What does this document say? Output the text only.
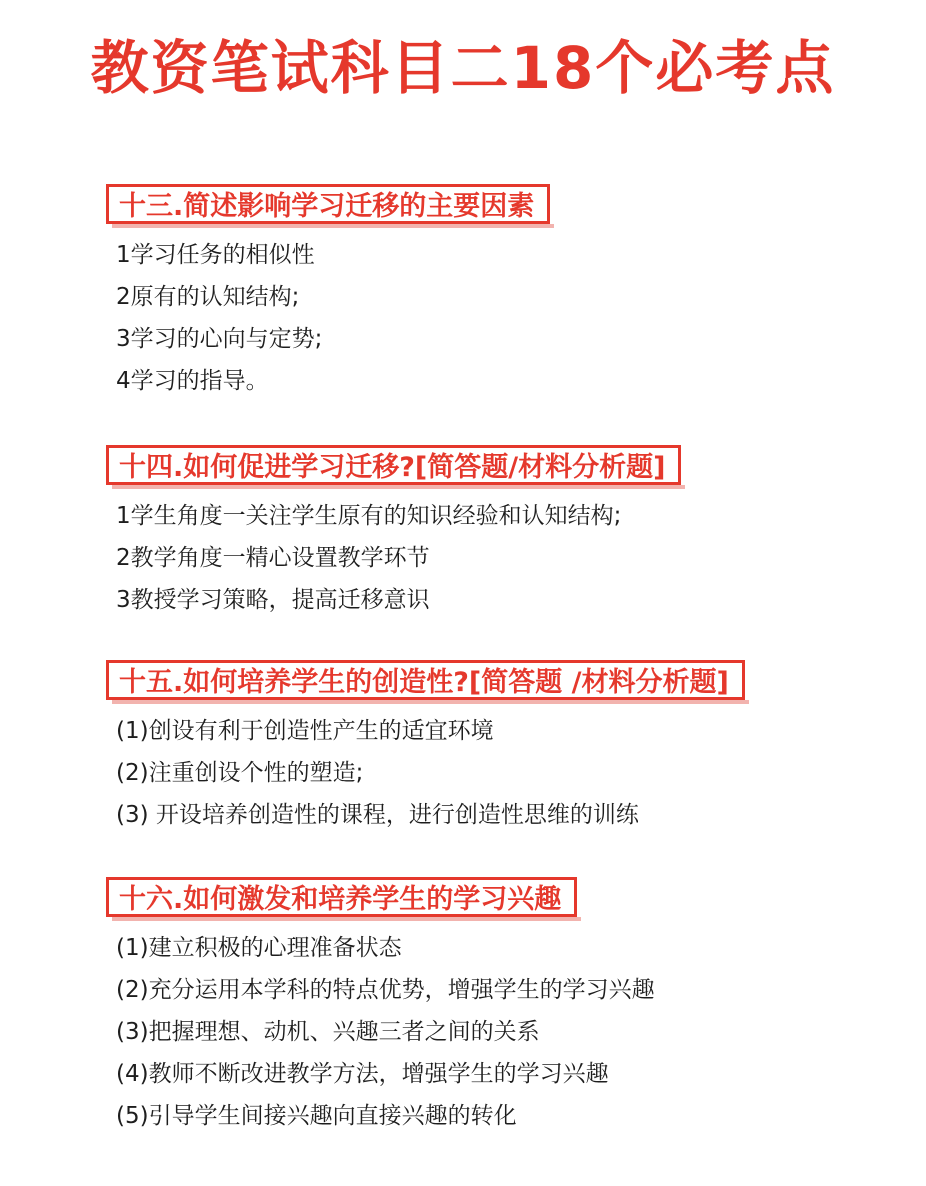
教资笔试科目二18个必考点
十三.简述影响学习迁移的主要因素
1学习任务的相似性
2原有的认知结构;
3学习的心向与定势;
4学习的指导。
十四.如何促进学习迁移?[简答题/材料分析题]
1学生角度一关注学生原有的知识经验和认知结构;
2教学角度一精心设置教学环节
3教授学习策略，提高迁移意识
十五.如何培养学生的创造性?[简答题 /材料分析题]
(1)创设有利于创造性产生的适宜环境
(2)注重创设个性的塑造;
(3) 开设培养创造性的课程，进行创造性思维的训练
十六.如何激发和培养学生的学习兴趣
(1)建立积极的心理准备状态
(2)充分运用本学科的特点优势，增强学生的学习兴趣
(3)把握理想、动机、兴趣三者之间的关系
(4)教师不断改进教学方法，增强学生的学习兴趣
(5)引导学生间接兴趣向直接兴趣的转化
